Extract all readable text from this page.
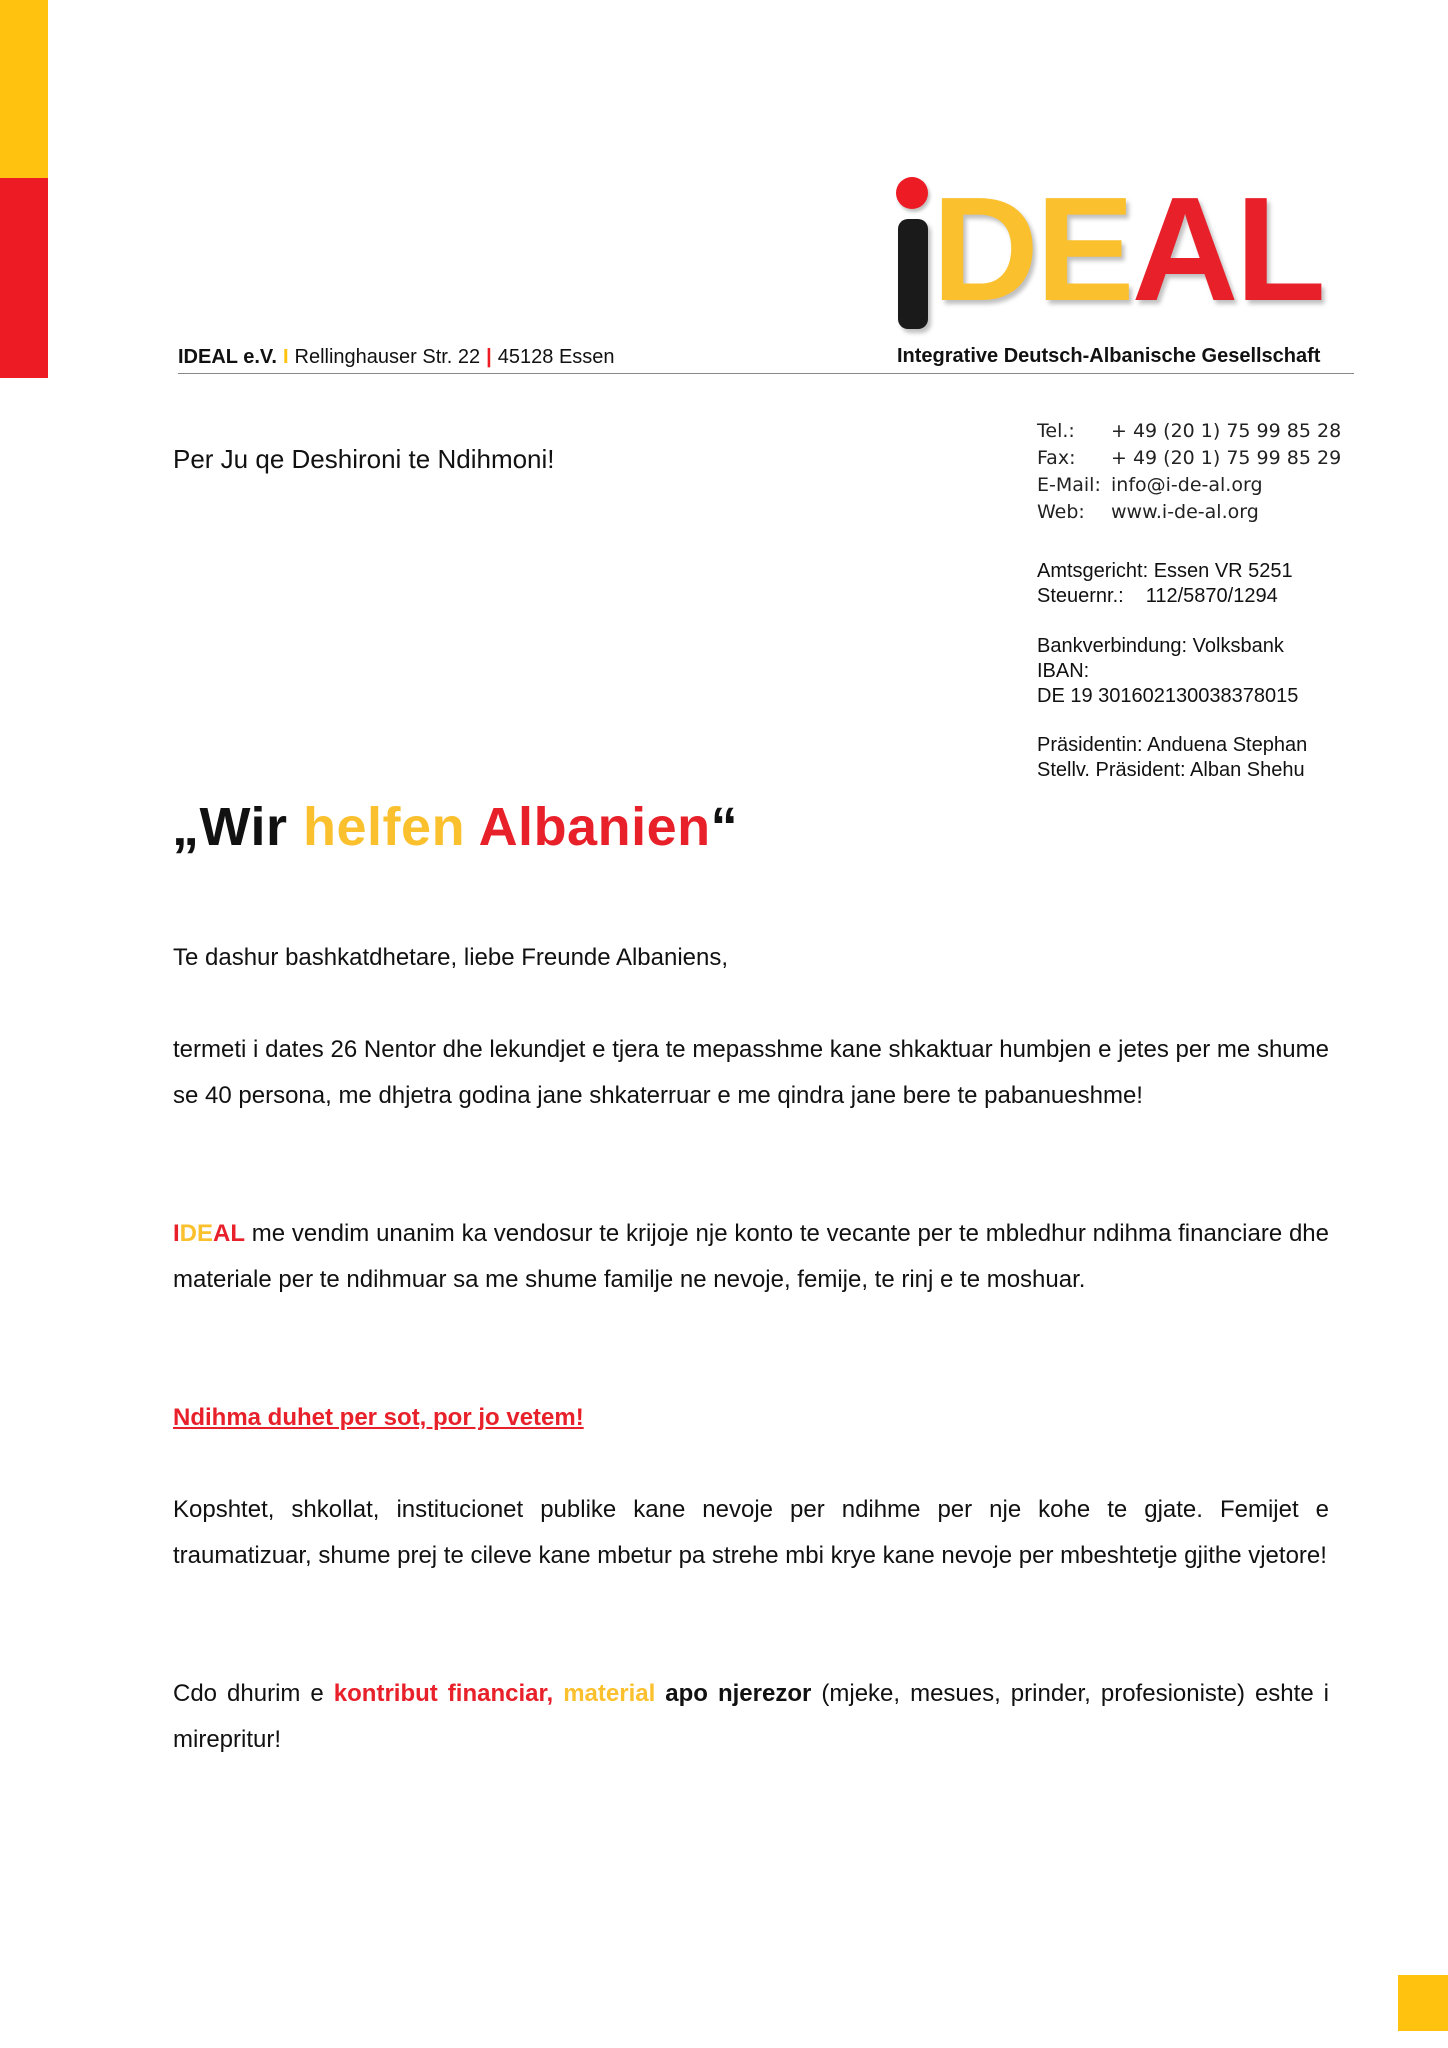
DEAL
Integrative Deutsch-Albanische Gesellschaft
IDEAL e.V. I Rellinghauser Str. 22 | 45128 Essen
Per Ju qe Deshironi te Ndihmoni!
Tel.:	+ 49 (20 1) 75 99 85 28
Fax:	+ 49 (20 1) 75 99 85 29
E-Mail: info@i-de-al.org
Web:	www.i-de-al.org
Amtsgericht: Essen VR 5251

Steuernr.: 112/5870/1294
Bankverbindung: Volksbank
IBAN:
DE 19 301602130038378015
Präsidentin: Anduena Stephan
Stellv. Präsident: Alban Shehu
„Wir helfen Albanien“
Te dashur bashkatdhetare, liebe Freunde Albaniens,
termeti i dates 26 Nentor dhe lekundjet e tjera te mepasshme kane shkaktuar humbjen e jetes per me shume se 40 persona, me dhjetra godina jane shkaterruar e me qindra jane bere te pabanueshme!
IDEAL me vendim unanim ka vendosur te krijoje nje konto te vecante per te mbledhur ndihma financiare dhe materiale per te ndihmuar sa me shume familje ne nevoje, femije, te rinj e te moshuar.
Ndihma duhet per sot, por jo vetem!
Kopshtet, shkollat, institucionet publike kane nevoje per ndihme per nje kohe te gjate. Femijet e traumatizuar, shume prej te cileve kane mbetur pa strehe mbi krye kane nevoje per mbeshtetje gjithe vjetore!
Cdo dhurim e kontribut financiar, material apo njerezor (mjeke, mesues, prinder, profesioniste) eshte i mirepritur!
